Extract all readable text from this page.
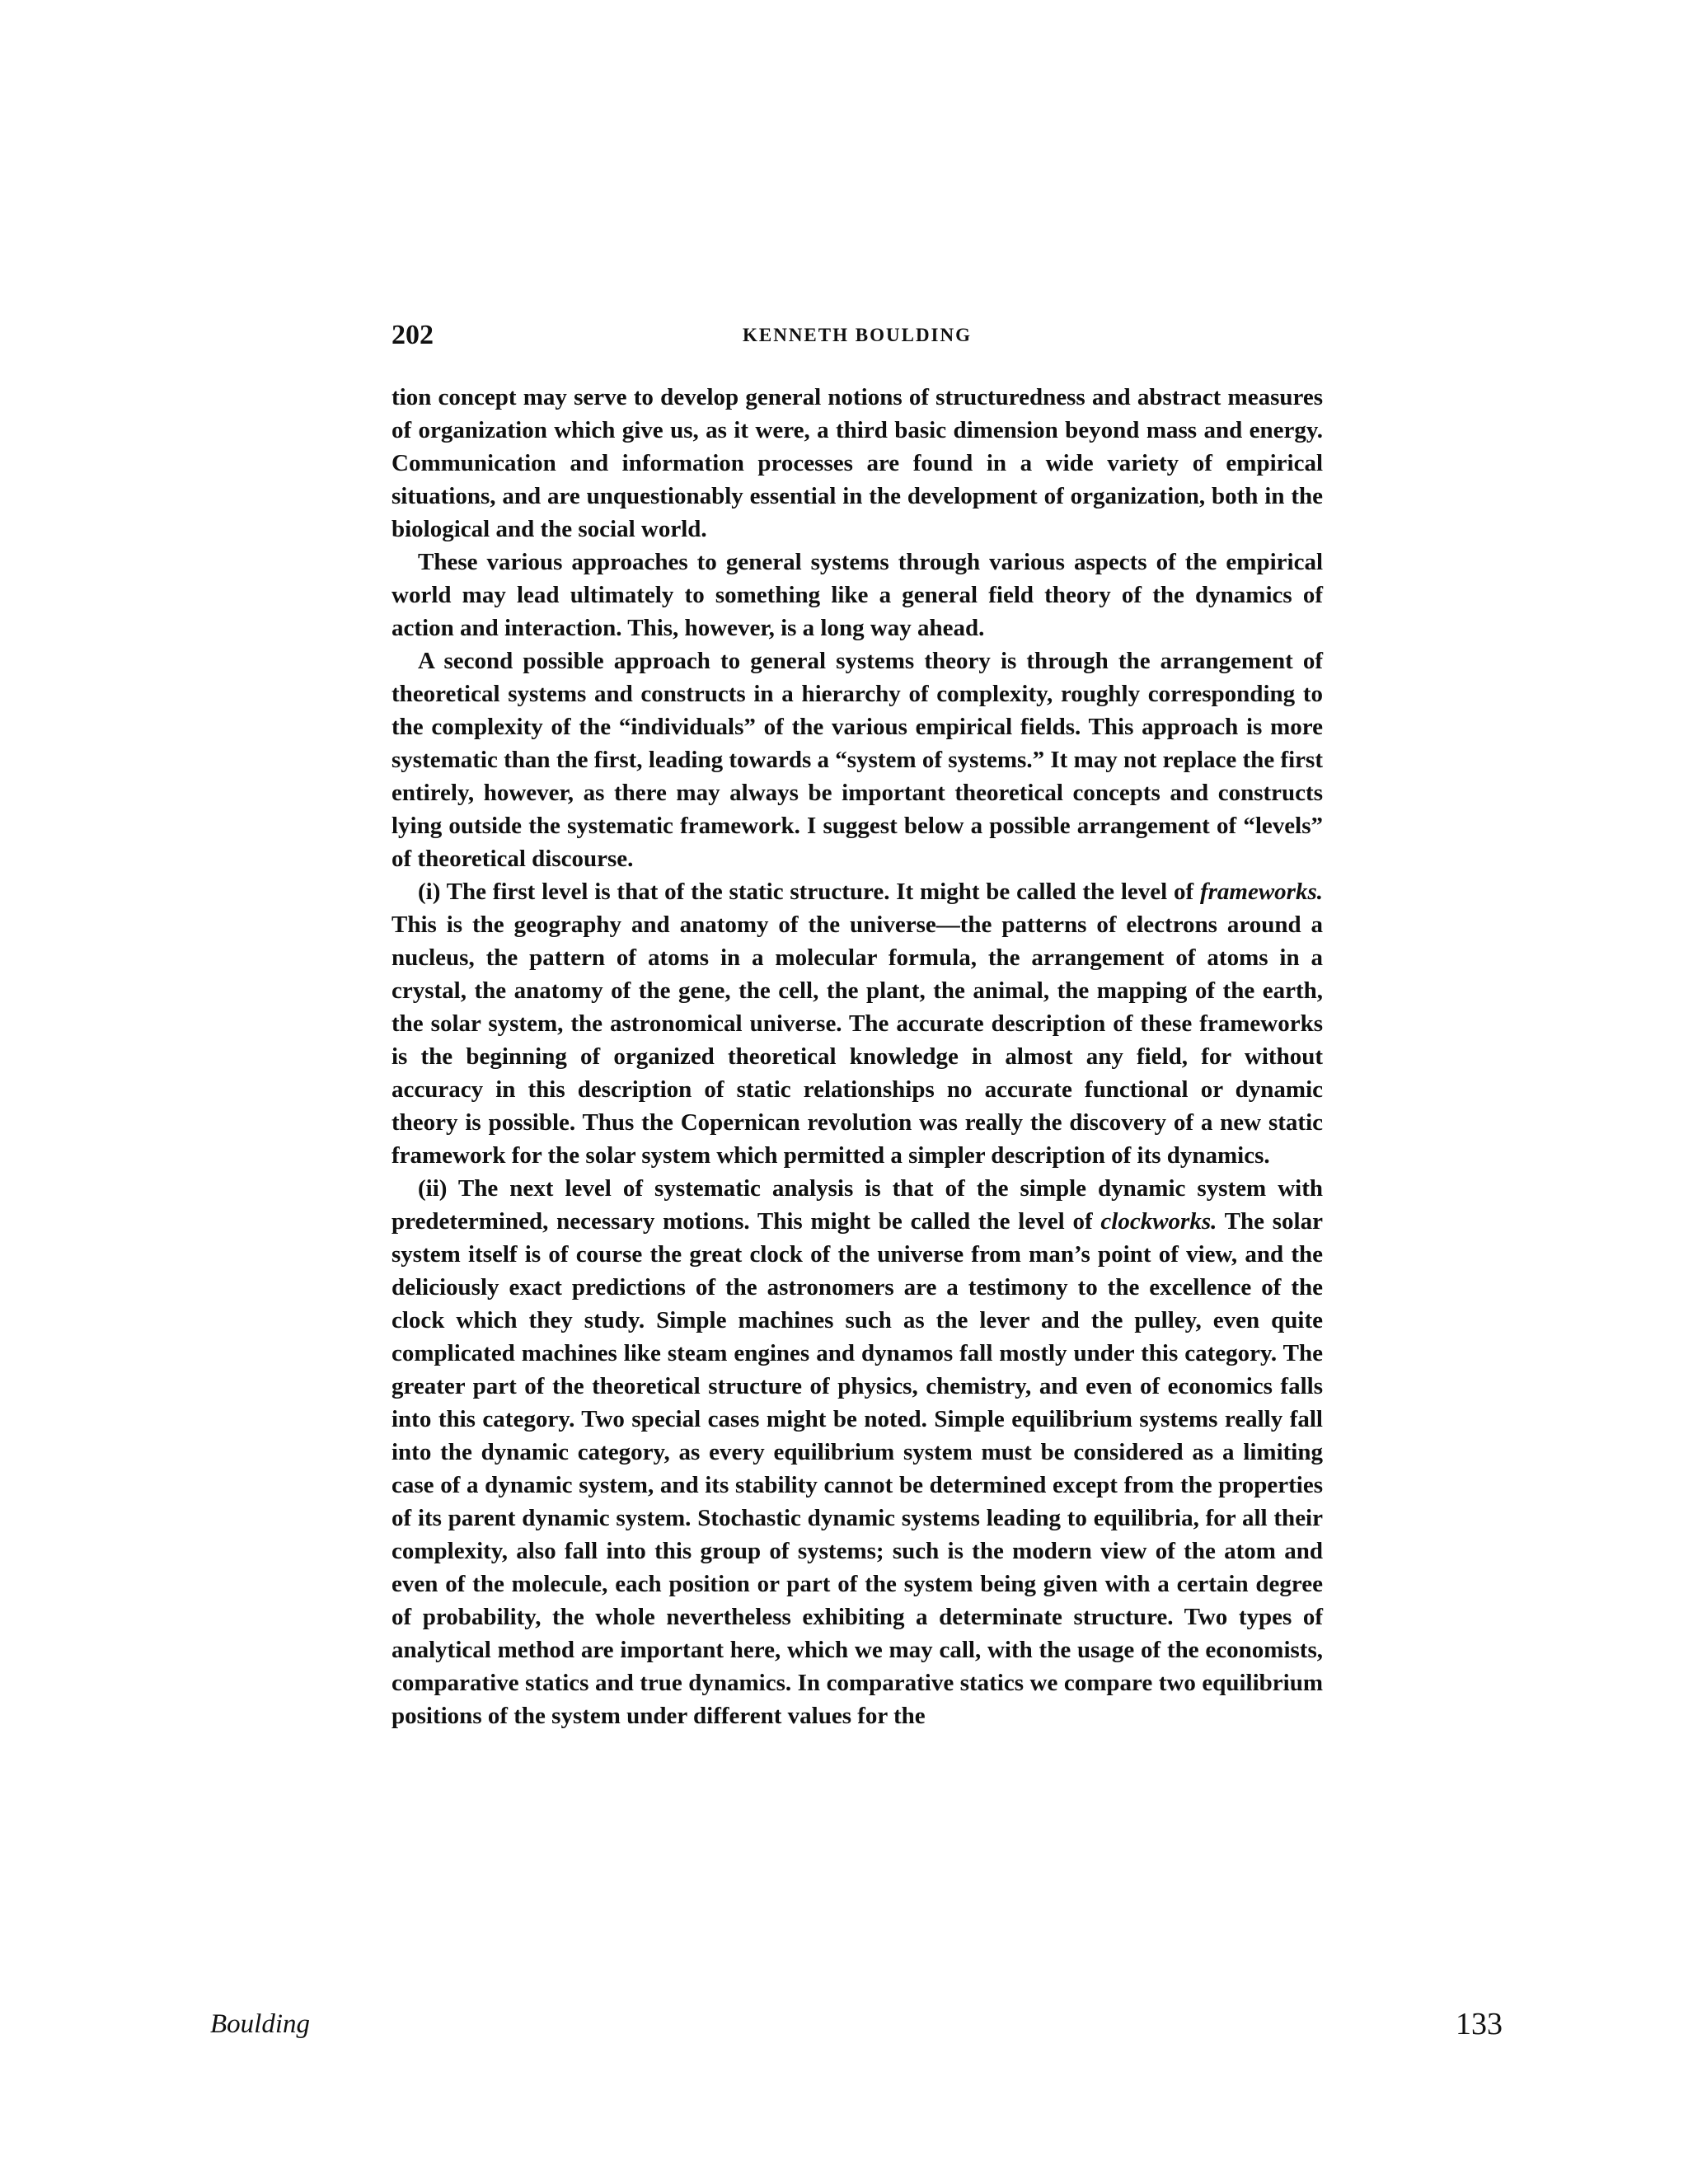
202	KENNETH BOULDING

tion concept may serve to develop general notions of structuredness and abstract measures of organization which give us, as it were, a third basic dimension beyond mass and energy. Communication and information processes are found in a wide variety of empirical situations, and are unquestionably essential in the development of organization, both in the biological and the social world.

These various approaches to general systems through various aspects of the empirical world may lead ultimately to something like a general field theory of the dynamics of action and interaction. This, however, is a long way ahead.

A second possible approach to general systems theory is through the arrangement of theoretical systems and constructs in a hierarchy of complexity, roughly corresponding to the complexity of the “individuals” of the various empirical fields. This approach is more systematic than the first, leading towards a “system of systems.” It may not replace the first entirely, however, as there may always be important theoretical concepts and constructs lying outside the systematic framework. I suggest below a possible arrangement of “levels” of theoretical discourse.

(i) The first level is that of the static structure. It might be called the level of frameworks. This is the geography and anatomy of the universe—the patterns of electrons around a nucleus, the pattern of atoms in a molecular formula, the arrangement of atoms in a crystal, the anatomy of the gene, the cell, the plant, the animal, the mapping of the earth, the solar system, the astronomical universe. The accurate description of these frameworks is the beginning of organized theoretical knowledge in almost any field, for without accuracy in this description of static relationships no accurate functional or dynamic theory is possible. Thus the Copernican revolution was really the discovery of a new static framework for the solar system which permitted a simpler description of its dynamics.

(ii) The next level of systematic analysis is that of the simple dynamic system with predetermined, necessary motions. This might be called the level of clockworks. The solar system itself is of course the great clock of the universe from man’s point of view, and the deliciously exact predictions of the astronomers are a testimony to the excellence of the clock which they study. Simple machines such as the lever and the pulley, even quite complicated machines like steam engines and dynamos fall mostly under this category. The greater part of the theoretical structure of physics, chemistry, and even of economics falls into this category. Two special cases might be noted. Simple equilibrium systems really fall into the dynamic category, as every equilibrium system must be considered as a limiting case of a dynamic system, and its stability cannot be determined except from the properties of its parent dynamic system. Stochastic dynamic systems leading to equilibria, for all their complexity, also fall into this group of systems; such is the modern view of the atom and even of the molecule, each position or part of the system being given with a certain degree of probability, the whole nevertheless exhibiting a determinate structure. Two types of analytical method are important here, which we may call, with the usage of the economists, comparative statics and true dynamics. In comparative statics we compare two equilibrium positions of the system under different values for the

Boulding	133
